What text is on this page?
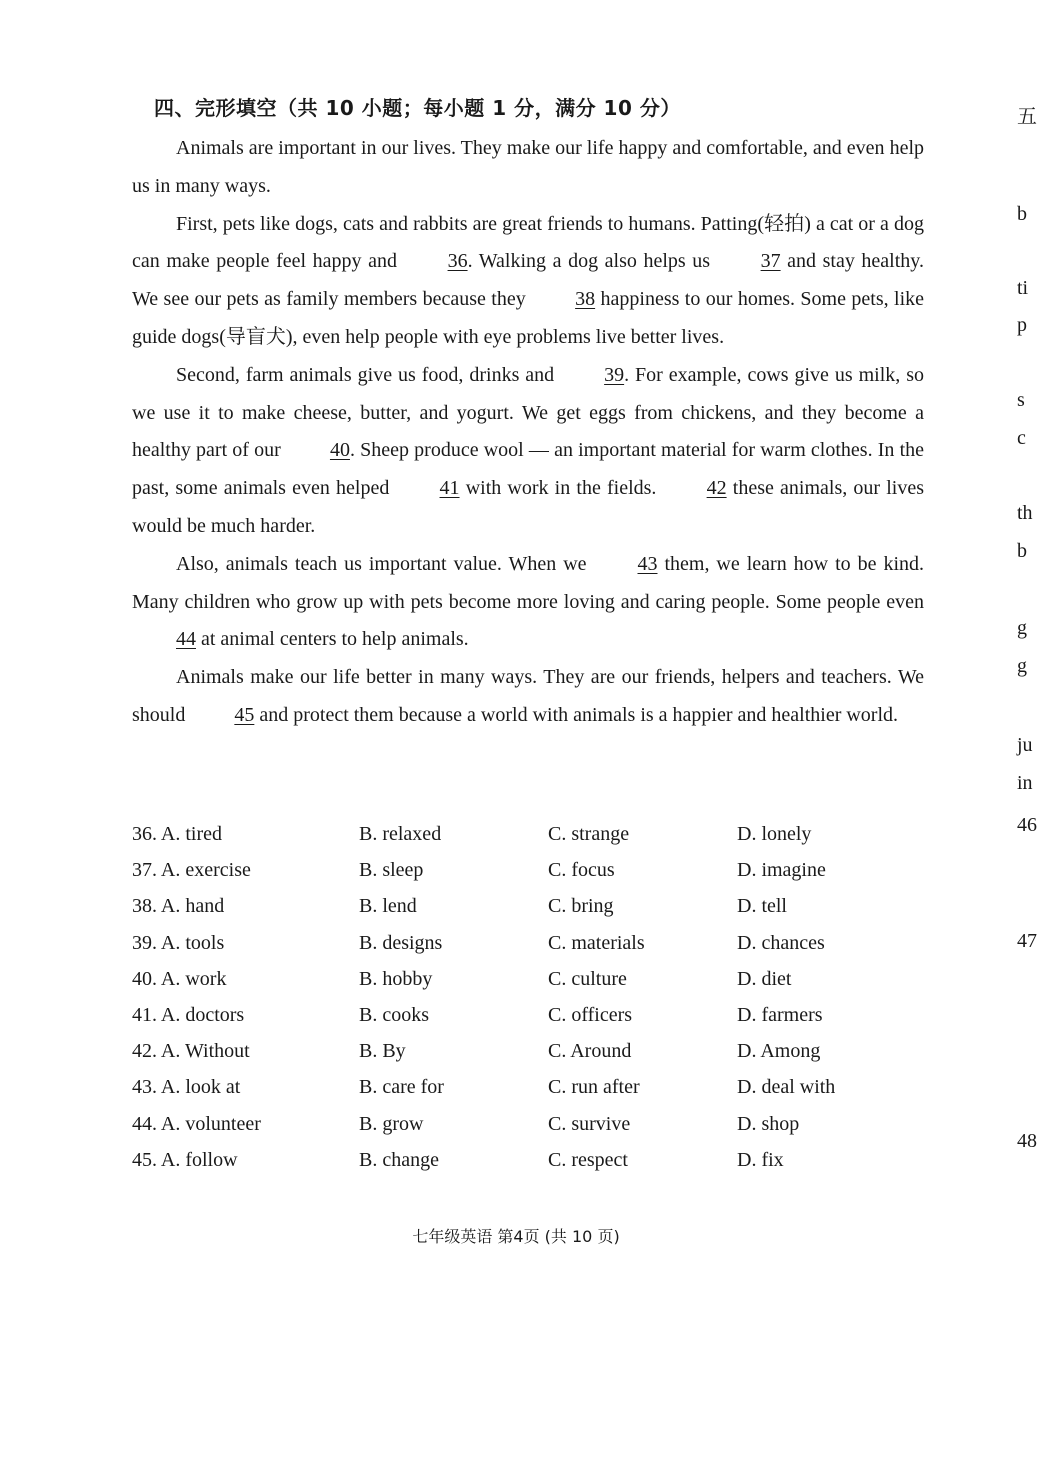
四、完形填空（共 10 小题；每小题 1 分，满分 10 分）

Animals are important in our lives. They make our life happy and comfortable, and even help us in many ways.

First, pets like dogs, cats and rabbits are great friends to humans. Patting(轻拍) a cat or a dog can make people feel happy and 36. Walking a dog also helps us 37 and stay healthy. We see our pets as family members because they 38 happiness to our homes. Some pets, like guide dogs(导盲犬), even help people with eye problems live better lives.

Second, farm animals give us food, drinks and 39. For example, cows give us milk, so we use it to make cheese, butter, and yogurt. We get eggs from chickens, and they become a healthy part of our 40. Sheep produce wool — an important material for warm clothes. In the past, some animals even helped 41 with work in the fields. 42 these animals, our lives would be much harder.

Also, animals teach us important value. When we 43 them, we learn how to be kind. Many children who grow up with pets become more loving and caring people. Some people even 44 at animal centers to help animals.

Animals make our life better in many ways. They are our friends, helpers and teachers. We should 45 and protect them because a world with animals is a happier and healthier world.

36. A. tired	B. relaxed	C. strange	D. lonely
37. A. exercise	B. sleep	C. focus	D. imagine
38. A. hand	B. lend	C. bring	D. tell
39. A. tools	B. designs	C. materials	D. chances
40. A. work	B. hobby	C. culture	D. diet
41. A. doctors	B. cooks	C. officers	D. farmers
42. A. Without	B. By	C. Around	D. Among
43. A. look at	B. care for	C. run after	D. deal with
44. A. volunteer	B. grow	C. survive	D. shop
45. A. follow	B. change	C. respect	D. fix
七年级英语 第4页 (共 10 页)
五
b
ti
p
s
c
th
b
g
g
ju
in
46
47
48
